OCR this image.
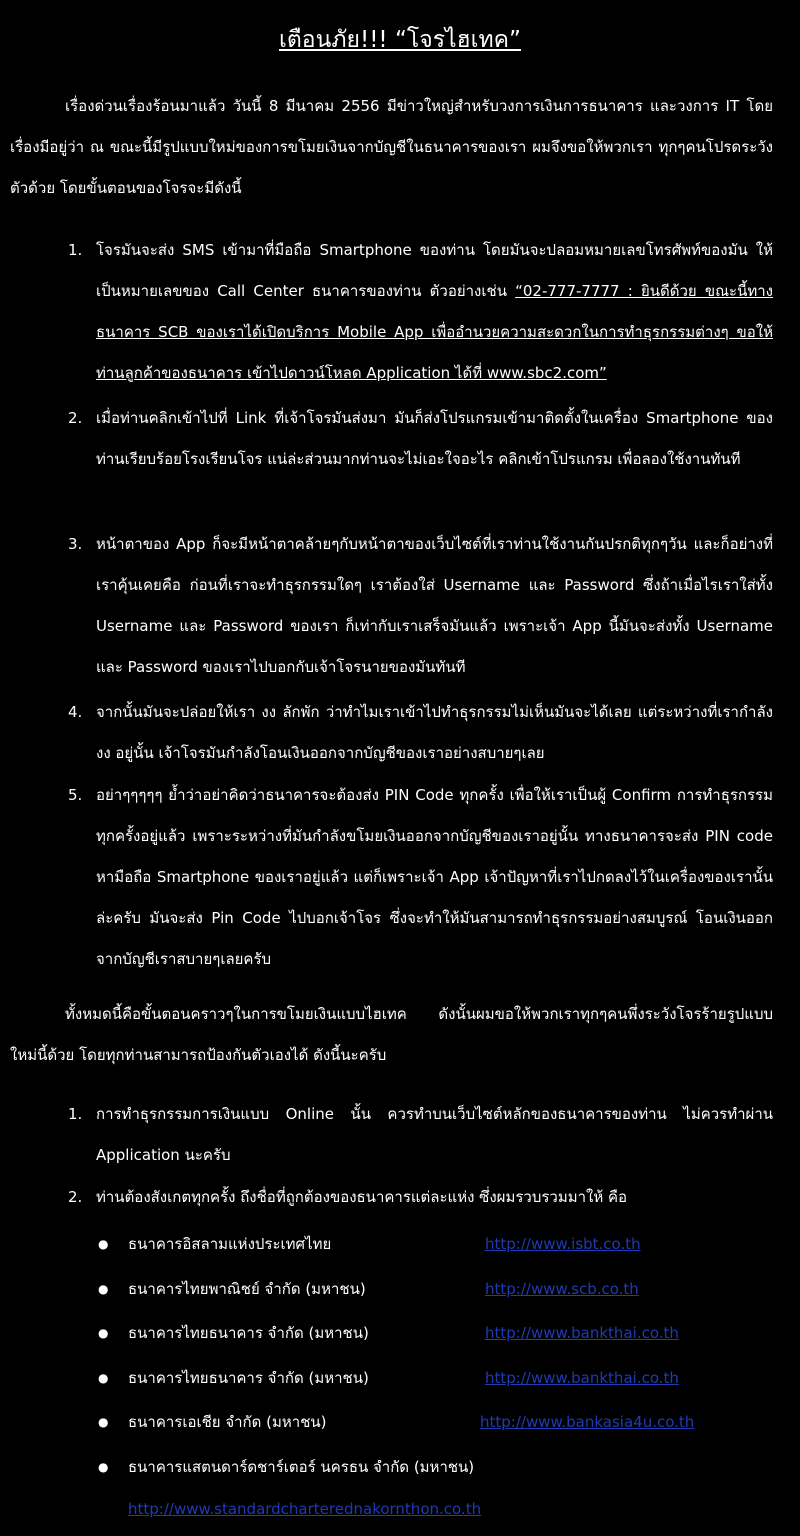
เตือนภัย!!! “โจรไฮเทค”
เรื่องด่วนเรื่องร้อนมาแล้ว วันนี้ 8 มีนาคม 2556 มีข่าวใหญ่สำหรับวงการเงินการธนาคาร และวงการ IT โดยเรื่องมีอยู่ว่า ณ ขณะนี้มีรูปแบบใหม่ของการขโมยเงินจากบัญชีในธนาคารของเรา ผมจึงขอให้พวกเรา ทุกๆคนโปรดระวังตัวด้วย โดยขั้นตอนของโจรจะมีดังนี้
1. โจรมันจะส่ง SMS เข้ามาที่มือถือ Smartphone ของท่าน โดยมันจะปลอมหมายเลขโทรศัพท์ของมัน ให้เป็นหมายเลขของ Call Center ธนาคารของท่าน ตัวอย่างเช่น “02-777-7777 : ยินดีด้วย ขณะนี้ทางธนาคาร SCB ของเราได้เปิดบริการ Mobile App เพื่ออำนวยความสะดวกในการทำธุรกรรมต่างๆ ขอให้ท่านลูกค้าของธนาคาร เข้าไปดาวน์โหลด Application ได้ที่ www.sbc2.com”
2. เมื่อท่านคลิกเข้าไปที่ Link ที่เจ้าโจรมันส่งมา มันก็ส่งโปรแกรมเข้ามาติดตั้งในเครื่อง Smartphone ของท่านเรียบร้อยโรงเรียนโจร แน่ล่ะส่วนมากท่านจะไม่เอะใจอะไร คลิกเข้าโปรแกรม เพื่อลองใช้งานทันที
3. หน้าตาของ App ก็จะมีหน้าตาคล้ายๆกับหน้าตาของเว็บไซต์ที่เราท่านใช้งานกันปรกติทุกๆวัน และก็อย่างที่เราคุ้นเคยคือ ก่อนที่เราจะทำธุรกรรมใดๆ เราต้องใส่ Username และ Password ซึ่งถ้าเมื่อไรเราใส่ทั้ง Username และ Password ของเรา ก็เท่ากับเราเสร็จมันแล้ว เพราะเจ้า App นี้มันจะส่งทั้ง Username และ Password ของเราไปบอกกับเจ้าโจรนายของมันทันที
4. จากนั้นมันจะปล่อยให้เรา งง ลักพัก ว่าทำไมเราเข้าไปทำธุรกรรมไม่เห็นมันจะได้เลย แต่ระหว่างที่เรากำลัง งง อยู่นั้น เจ้าโจรมันกำลังโอนเงินออกจากบัญชีของเราอย่างสบายๆเลย
5. อย่าๆๆๆๆๆ ย้ำว่าอย่าคิดว่าธนาคารจะต้องส่ง PIN Code ทุกครั้ง เพื่อให้เราเป็นผู้ Confirm การทำธุรกรรมทุกครั้งอยู่แล้ว เพราะระหว่างที่มันกำลังขโมยเงินออกจากบัญชีของเราอยู่นั้น ทางธนาคารจะส่ง PIN code หามือถือ Smartphone ของเราอยู่แล้ว แต่ก็เพราะเจ้า App เจ้าปัญหาที่เราไปกดลงไว้ในเครื่องของเรานั้นล่ะครับ มันจะส่ง Pin Code ไปบอกเจ้าโจร ซึ่งจะทำให้มันสามารถทำธุรกรรมอย่างสมบูรณ์ โอนเงินออกจากบัญชีเราสบายๆเลยครับ
ทั้งหมดนี้คือขั้นตอนคราวๆในการขโมยเงินแบบไฮเทค ดังนั้นผมขอให้พวกเราทุกๆคนพึ่งระวังโจรร้ายรูปแบบใหม่นี้ด้วย โดยทุกท่านสามารถป้องกันตัวเองได้ ดังนี้นะครับ
1. การทำธุรกรรมการเงินแบบ Online นั้น ควรทำบนเว็บไซต์หลักของธนาคารของท่าน ไม่ควรทำผ่าน Application นะครับ
2. ท่านต้องสังเกตทุกครั้ง ถึงชื่อที่ถูกต้องของธนาคารแต่ละแห่ง ซึ่งผมรวบรวมมาให้ คือ
● ธนาคารอิสลามแห่งประเทศไทย	http://www.isbt.co.th
● ธนาคารไทยพาณิชย์ จำกัด (มหาชน)	http://www.scb.co.th
● ธนาคารไทยธนาคาร จำกัด (มหาชน)	http://www.bankthai.co.th
● ธนาคารไทยธนาคาร จำกัด (มหาชน)	http://www.bankthai.co.th
● ธนาคารเอเชีย จำกัด (มหาชน)	http://www.bankasia4u.co.th
● ธนาคารแสตนดาร์ดชาร์เตอร์ นครธน จำกัด (มหาชน)
http://www.standardcharterednakornthon.co.th
